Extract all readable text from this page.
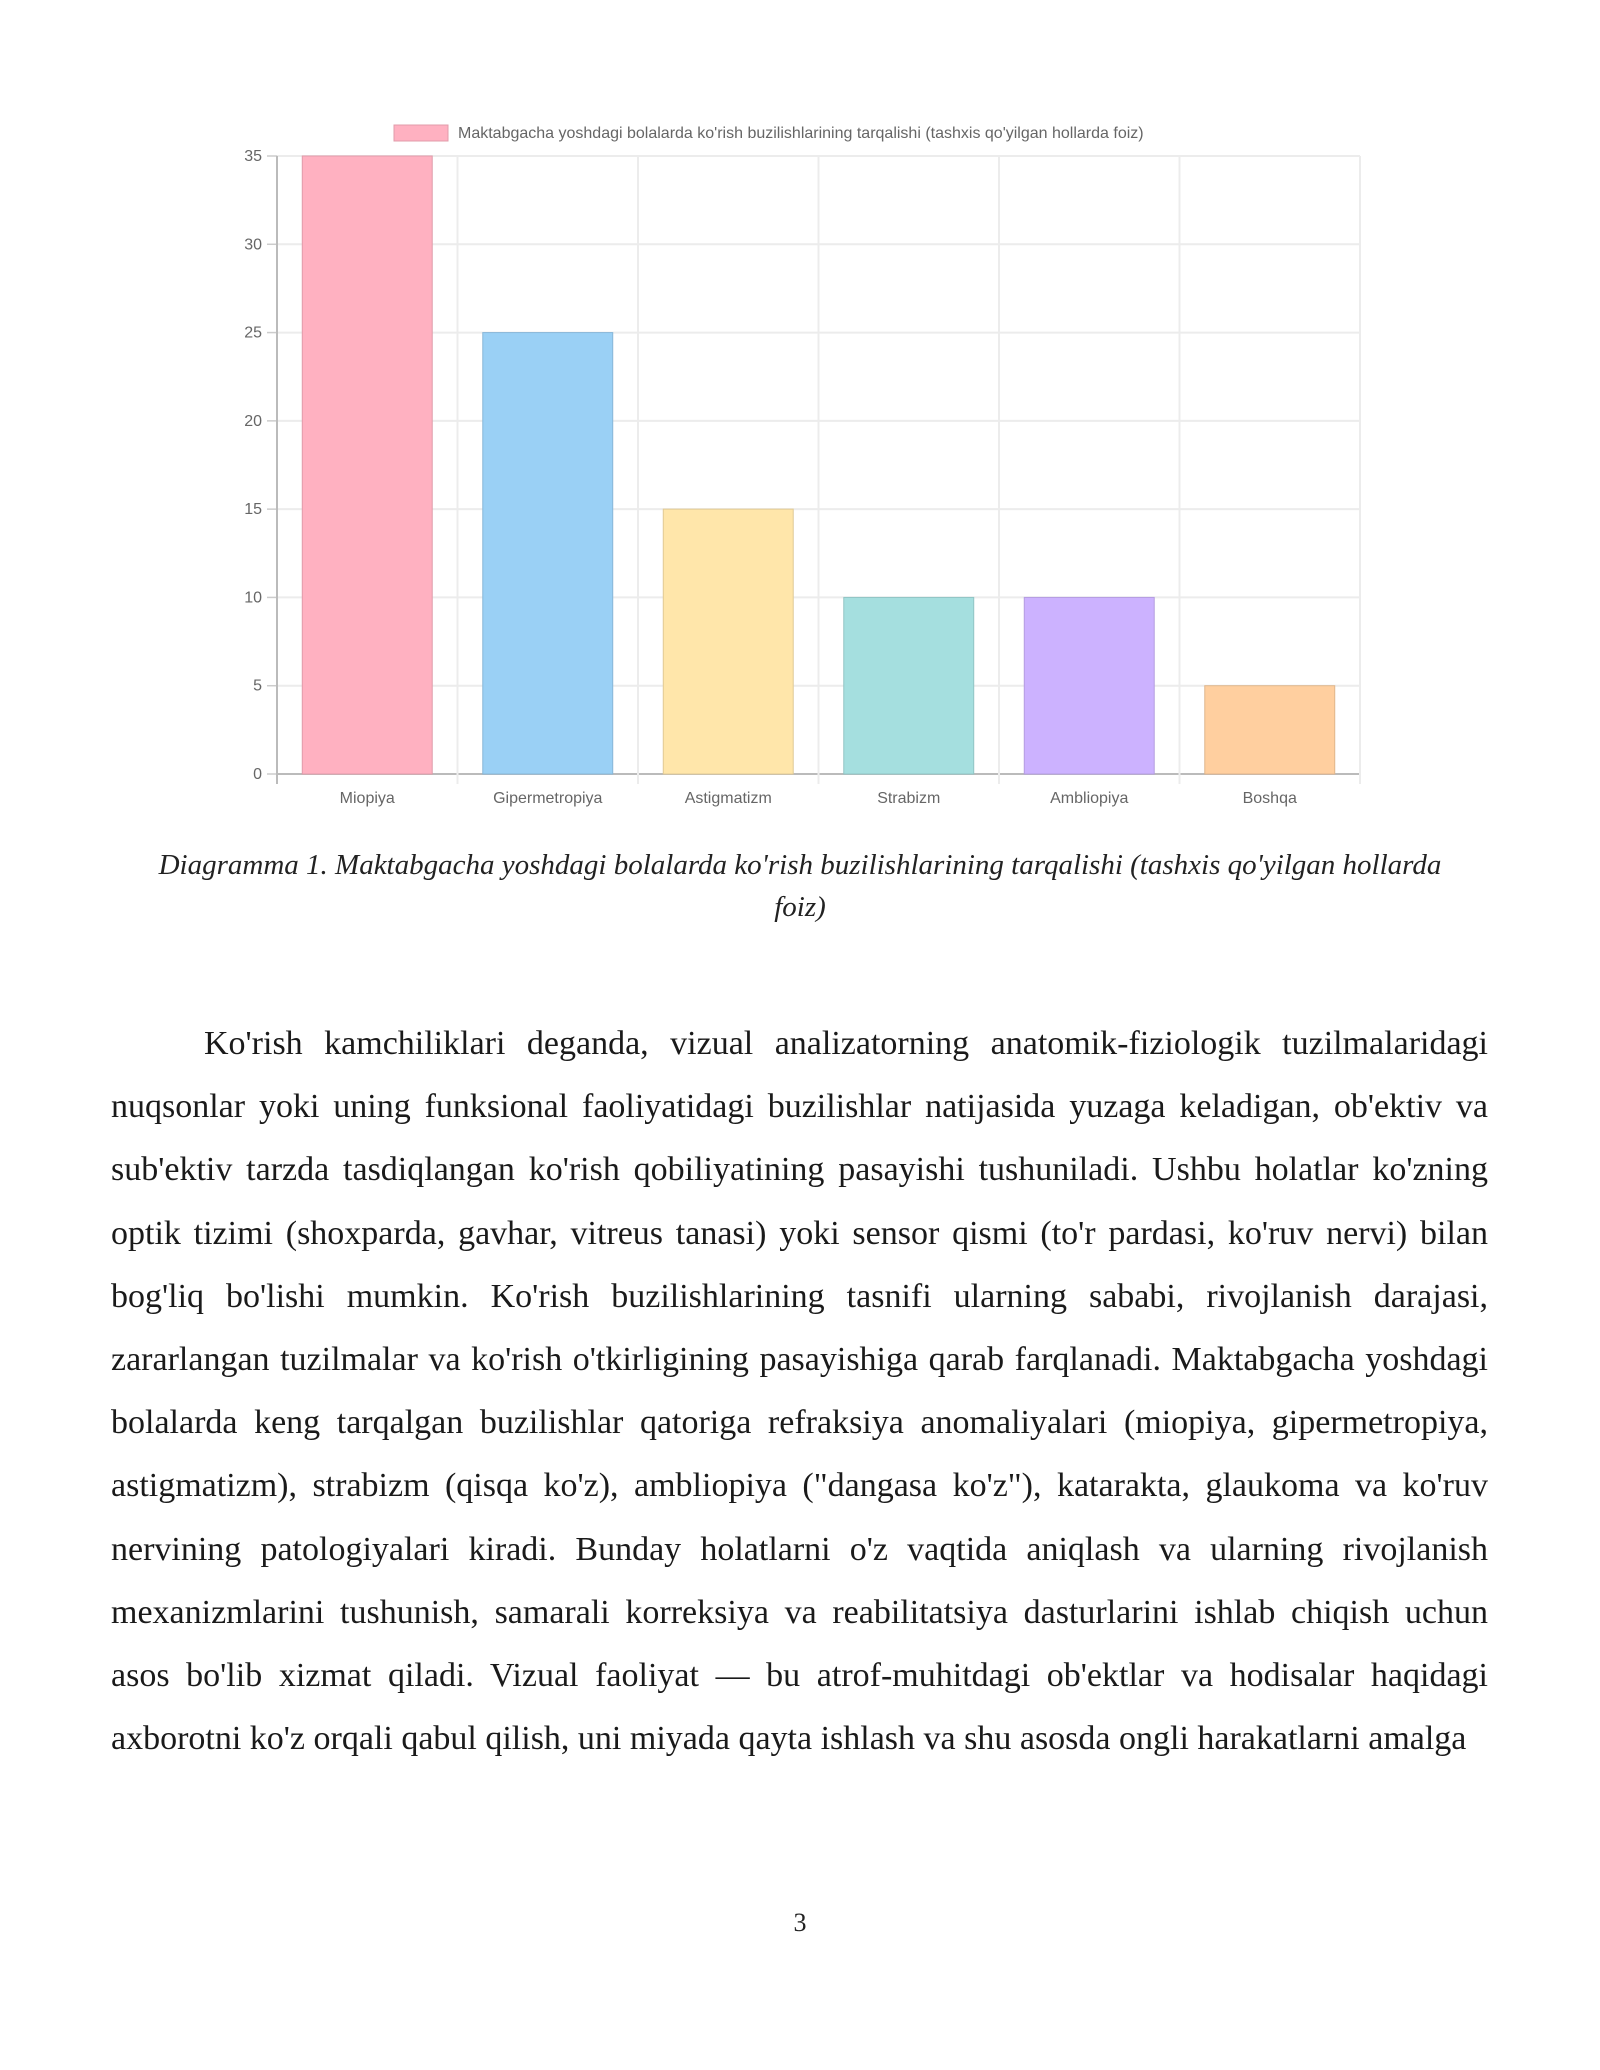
0
5
10
15
20
25
30
35
Miopiya	Gipermetropiya	Astigmatizm	Strabizm	Ambliopiya	Boshqa
Maktabgacha yoshdagi bolalarda ko'rish buzilishlarining tarqalishi (tashxis qo'yilgan hollarda foiz)
Diagramma 1. Maktabgacha yoshdagi bolalarda ko'rish buzilishlarining tarqalishi (tashxis qo'yilgan hollarda foiz)

Ko'rish kamchiliklari deganda, vizual analizatorning anatomik-fiziologik tuzilmalaridagi nuqsonlar yoki uning funksional faoliyatidagi buzilishlar natijasida yuzaga keladigan, ob'ektiv va sub'ektiv tarzda tasdiqlangan ko'rish qobiliyatining pasayishi tushuniladi. Ushbu holatlar ko'zning optik tizimi (shoxparda, gavhar, vitreus tanasi) yoki sensor qismi (to'r pardasi, ko'ruv nervi) bilan bog'liq bo'lishi mumkin. Ko'rish buzilishlarining tasnifi ularning sababi, rivojlanish darajasi, zararlangan tuzilmalar va ko'rish o'tkirligining pasayishiga qarab farqlanadi. Maktabgacha yoshdagi bolalarda keng tarqalgan buzilishlar qatoriga refraksiya anomaliyalari (miopiya, gipermetropiya, astigmatizm), strabizm (qisqa ko'z), ambliopiya ("dangasa ko'z"), katarakta, glaukoma va ko'ruv nervining patologiyalari kiradi. Bunday holatlarni o'z vaqtida aniqlash va ularning rivojlanish mexanizmlarini tushunish, samarali korreksiya va reabilitatsiya dasturlarini ishlab chiqish uchun asos bo'lib xizmat qiladi. Vizual faoliyat — bu atrof-muhitdagi ob'ektlar va hodisalar haqidagi axborotni ko'z orqali qabul qilish, uni miyada qayta ishlash va shu asosda ongli harakatlarni amalga

3
